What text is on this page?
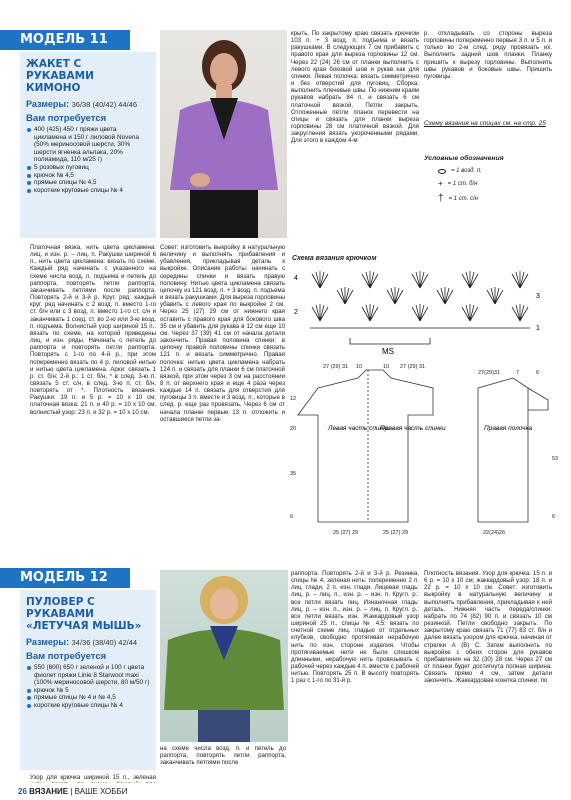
МОДЕЛЬ 11
ЖАКЕТ С РУКАВАМИ КИМОНО
Размеры: 36/38 (40/42) 44/46
Вам потребуется
400 (425) 450 г пряжи цвета цикламена и 150 г лиловой Novena (50% мериносовой шерсти, 30% шерсти ягненка альпака, 20% полиамида, 110 м/25 г)
5 розовых пуговиц
крючок № 4,5
прямые спицы № 4,5
короткие круговые спицы № 4
Платочная вязка, нить цвета цикламена: лиц. и изн. р. – лиц. п. Ракушки шириной 6 п., нить цвета цикламена: вязать по схеме. Каждый ряд начинать с указанного на схеме числа возд. п. подъема и петель до раппорта, повторять петли раппорта, заканчивать петлями после раппорта. Повторять 2-й и 3-й р. Круг. ряд: каждый круг. ряд начинать с 2 возд. п. вместо 1-го ст. б/н или с 3 возд. п. вместо 1-го ст. с/н и заканчивать 1 соед. ст. во 2-ю или 3-ю возд. п. подъема. Волнистый узор шириной 15 п.: вязать по схеме, на которой приведены лиц. и изн. ряды. Начинать с петель до раппорта и повторять петли раппорта. Повторять с 1-го по 4-й р., при этом попеременно вязать по 4 р. лиловой нитью и нитью цвета цикламена. Арки: связать 1 р. ст. б/н; 2-й р.: 1 ст. б/н, * в след. 3-ю п. связать 5 ст. с/н, в след. 3-ю п. ст. б/н, повторять от *. Плотность вязания. Ракушки: 19 п. и 5 р. = 10 х 10 см; платочная вязка: 21 п. и 40 р. = 10 х 10 см; волнистый узор: 23 п. и 32 р. = 10 х 10 см.
Совет: изготовить выкройку в натуральную величину и выполнять прибавления и убавления, прикладывая деталь к выкройке. Описание работы: начинать с середины спинки и вязать правую половину. Нитью цвета цикламена связать цепочку из 121 возд. п. + 3 возд. п. подъема и вязать ракушками. Для выреза горловины убавить с левого края по выкройке 2 см. Через 25 (27) 29 см от нижнего края оставить с правого края для бокового шва 35 см и убавить для рукава в 12 см еще 10 см. Через 37 (39) 41 см от начала детали закончить. Правая половина спинки: в цепочку правой половины спинки связать 121 п. и вязать симметрично. Правая полочка: нитью цвета цикламена набрать 124 п. и связать для планки 6 см платочной вязкой, при этом через 3 см на расстоянии 8 п. от верхнего края и еще 4 раза через каждые 14 п. связать для отверстия для пуговицы 3 п. вместе и 3 возд. п., которые в след. р. еще раз провязать. Через 6 см от начала планки первые 13 п. отложить и оставшиеся петли за-
крыть. По закрытому краю связать крючком 103 п. + 3 возд. п. подъема и вязать ракушками. В следующих 7 см прибавить с правого края для выреза горловины 12 см. Через 22 (24) 26 см от планки выполнить с левого края боковой шов и рукав как для спинки. Левая полочка: вязать симметрично и без отверстий для пуговиц. Сборка: выполнить плечевые швы. По нижним краям рукавов набрать 84 п. и связать 6 см платочной вязкой. Петли закрыть. Отложенные петли планок перевести на спицы и связать для планки выреза горловины 28 см платочной вязкой. Для закругления вязать укороченными рядами. Для этого в каждом 4-м
р. откладывать со стороны выреза горловины попеременно первые 3 п. и 5 п. и только во 2-м след. ряду провязать их. Выполнить задний шов планки. Планку пришить к вырезу горловины. Выполнить швы рукавов и боковые швы. Пришить пуговицы.
Схему вязания на спицах см. на стр. 25
Условные обозначения
= 1 возд. п.
+ = 1 ст. б/н
† = 1 ст. с/н
Схема вязания крючком
4
3
2
1
MS
Левая часть спинки
Правая часть спинки	Правая полочка
27 (29) 31 10	10 27 (29) 31
27(29)31	7	6
12
20
35
6
53
6
25 (27) 29	25 (27) 29	22(24)26
МОДЕЛЬ 12
ПУЛОВЕР С РУКАВАМИ «ЛЕТУЧАЯ МЫШЬ»
Размеры: 34/36 (38/40) 42/44
Вам потребуется
550 (600) 650 г зеленой и 100 г цвета фиолет пряжи Linie 8 Starwool maxi (100% мериносовой шерсти, 80 м/50 г)
крючок № 5
прямые спицы № 4 и № 4,5
короткие круговые спицы № 4
Узор для крючка шириной 15 п., зеленая
на схеме числа возд. п. и петель до раппорта, повторять петли раппорта, заканчивать петлями после
раппорта. Повторять 2-й и 3-й р. Резинка, спицы № 4, зеленая нить: попеременно 2 п. лиц. глади, 2 п. изн. глади. Лицевая гладь: лиц. р. – лиц. п., изн. р. – изн. п. Кругл. р.: все петли вязать лиц. Изнаночная гладь: лиц. р. – изн. п., изн. р. – лиц. п. Кругл. р.: все петли вязать изн. Жаккардовый узор шириной 25 п., спицы № 4,5: вязать по счетной схеме лиц. гладью от отдельных клубков, свободно протягивая нерабочую нить по изн. стороне изделия. Чтобы протягиваемые нити не были слишком длинными, нерабочую нить провязывать с рабочей через каждые 4 п. вместе с рабочей нитью. Повторять 25 п. В высоту повторять 1 раз с 1-го по 31-й р.
Плотность вязания. Узор для крючка: 15 п. и 6 р. = 10 х 10 см; жаккардовый узор: 18 п. и 22 р. = 10 х 10 см. Совет: изготовить выкройку в натуральную величину и выполнять прибавления, прикладывая к ней деталь. Нижняя часть переда/спинки: набрать по 74 (82) 90 п. и связать 10 см резинкой. Петли свободно закрыть. По закрытому краю связать 71 (77) 83 ст. б/н и далее вязать узором для крючка, начиная от стрелки А (В) С. Затем выполнить по выкройке с обеих сторон для рукавов прибавления на 32 (30) 28 см. Через 27 см от планки будет достигнута полная ширина. Связать прямо 4 см, затем детали закончить. Жаккардовая кокетка спинки: по
26 ВЯЗАНИЕ | ВАШЕ ХОББИ
